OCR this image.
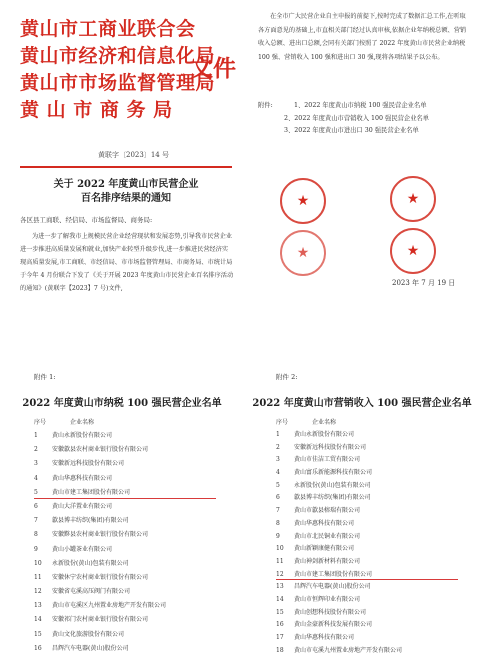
黄山市工商业联合会
黄山市经济和信息化局
黄山市市场监督管理局
黄 山 市 商 务 局
文件
黄联字〔2023〕14 号
关于 2022 年度黄山市民营企业
百名排序结果的通知
各区县工商联、经信局、市场监督局、商务局:
为进一步了解我市上规模民营企业经营现状和发展态势,引导我市民营企业进一步推进高质量发展和就业,加快产业转型升级步伐,进一步推进民营经济实现高质量发展,市工商联、市经信局、市市场监督管理局、市商务局、市统计局于今年 4 月份联合下发了《关于开展 2023 年度黄山市民营企业百名排序活动的通知》(黄联字【2023】7 号)文件,
在全市广大民营企业自主申报的前提下,按时完成了数据汇总工作,在听取各方面意见的基础上,市直相关部门经过认真审核,依据企业年纳税总额、营销收入总额、进出口总额,会同有关部门按照了 2022 年度黄山市民营企业纳税 100 强、营销收入 100 强和进出口 30 强,现将各项结果予以公布。
附件:	1、2022 年度黄山市纳税 100 强民营企业名单
2、2022 年度黄山市营销收入 100 强民营企业名单
3、2022 年度黄山市进出口 30 强民营企业名单
★	★
★	★
2023 年 7 月 19 日
附件 1:
2022 年度黄山市纳税 100 强民营企业名单
序号	企业名称
1 黄山永新股份有限公司
2 安徽歙县农村商业银行股份有限公司
3 安徽新远科技股份有限公司
4 黄山华惠科技有限公司
5 黄山市建工集团股份有限公司
6 黄山大洋置业有限公司
7 歙县博丰纺织(集团)有限公司
8 安徽黟县农村商业银行股份有限公司
9 黄山小罐茶业有限公司
10 永新股份(黄山)包装有限公司
11 安徽休宁农村商业银行股份有限公司
12 安徽省屯溪高压阀门有限公司
13 黄山市屯溪区九州置业房地产开发有限公司
14 安徽祁门农村商业银行股份有限公司
15 黄山文化旅游股份有限公司
16 昌辉汽车电器(黄山)股份公司
附件 2:
2022 年度黄山市营销收入 100 强民营企业名单
序号	企业名称
1 黄山永新股份有限公司
2 安徽新远科技股份有限公司
3 黄山市佳洁工贸有限公司
4 黄山富乐新能源科技有限公司
5 永新股份(黄山)包装有限公司
6 歙县博丰纺织(集团)有限公司
7 黄山市歙县榕瑞有限公司
8 黄山华惠科技有限公司
9 黄山市北民铜业有限公司
10 黄山新颖康健有限公司
11 黄山神剑新材料有限公司
12 黄山市建工集团股份有限公司
13 昌辉汽车电器(黄山)股份公司
14 黄山市恒辉印业有限公司
15 黄山创想科技股份有限公司
16 黄山金豪新科技发展有限公司
17 黄山华惠科技有限公司
18 黄山市屯溪九州置业房地产开发有限公司
